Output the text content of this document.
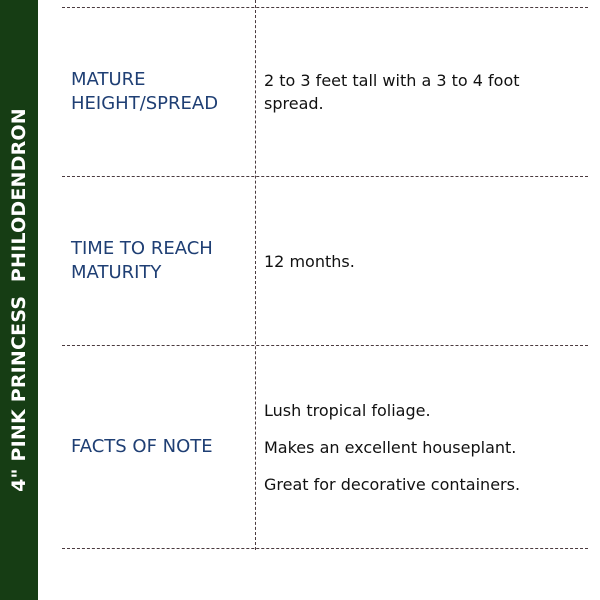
4" PINK PRINCESS  PHILODENDRON
MATURE
HEIGHT/SPREAD
2 to 3 feet tall with a 3 to 4 foot
spread.
TIME TO REACH
MATURITY
12 months.
FACTS OF NOTE
Lush tropical foliage.
Makes an excellent houseplant.
Great for decorative containers.
